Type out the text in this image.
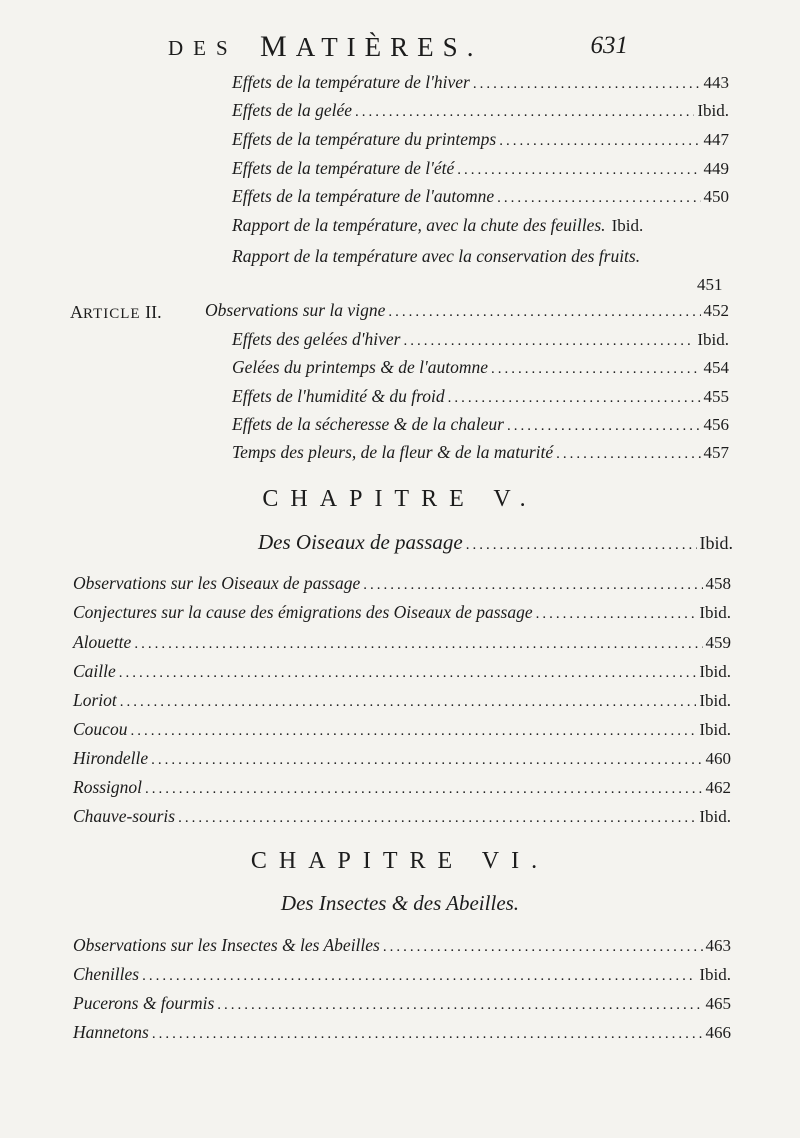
DES MATIÈRES.	631
Effets de la température de l'hiver .....	443
Effets de la gelée .....	Ibid.
Effets de la température du printemps .....	447
Effets de la température de l'été .....	449
Effets de la température de l'automne .....	450
Rapport de la température, avec la chute des feuilles. Ibid.
Rapport de la température avec la conservation des fruits.
451
ARTICLE II. Observations sur la vigne .....	452
Effets des gelées d'hiver .....	Ibid.
Gelées du printemps & de l'automne .....	454
Effets de l'humidité & du froid .....	455
Effets de la sécheresse & de la chaleur .....	456
Temps des pleurs, de la fleur & de la maturité .....	457
CHAPITRE V.
Des Oiseaux de passage .....	Ibid.
Observations sur les Oiseaux de passage .....	458
Conjectures sur la cause des émigrations des Oiseaux de passage .....	Ibid.
Alouette .....	459
Caille .....	Ibid.
Loriot .....	Ibid.
Coucou .....	Ibid.
Hirondelle .....	460
Rossignol .....	462
Chauve-souris .....	Ibid.
CHAPITRE VI.
Des Insectes & des Abeilles.
Observations sur les Insectes & les Abeilles .....	463
Chenilles .....	Ibid.
Pucerons & fourmis .....	465
Hannetons .....	466
